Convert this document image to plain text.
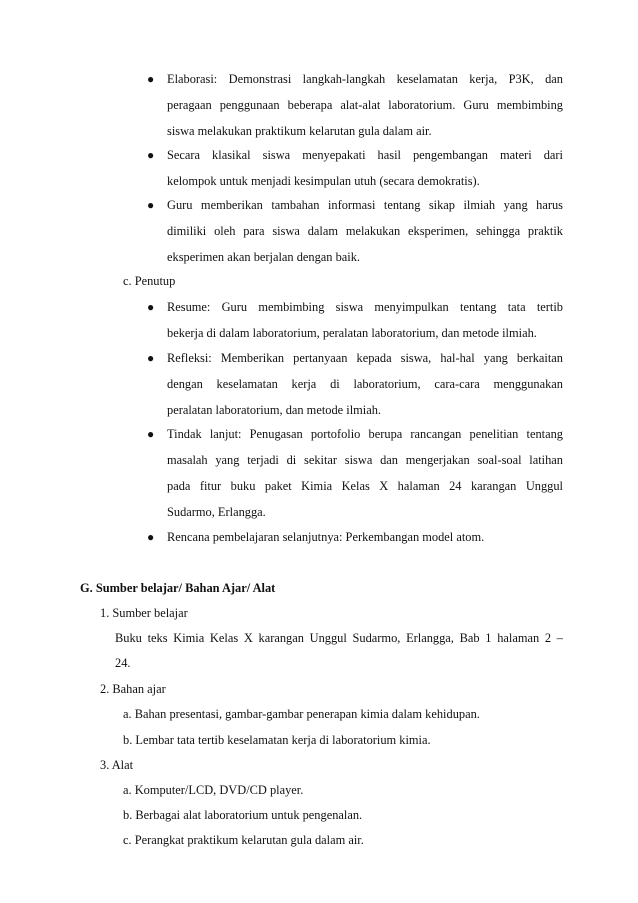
● Elaborasi: Demonstrasi langkah-langkah keselamatan kerja, P3K, dan
peragaan penggunaan beberapa alat-alat laboratorium. Guru membimbing
siswa melakukan praktikum kelarutan gula dalam air.
● Secara klasikal siswa menyepakati hasil pengembangan materi dari
kelompok untuk menjadi kesimpulan utuh (secara demokratis).
● Guru memberikan tambahan informasi tentang sikap ilmiah yang harus
dimiliki oleh para siswa dalam melakukan eksperimen, sehingga praktik
eksperimen akan berjalan dengan baik.
c. Penutup
● Resume: Guru membimbing siswa menyimpulkan tentang tata tertib
bekerja di dalam laboratorium, peralatan laboratorium, dan metode ilmiah.
● Refleksi: Memberikan pertanyaan kepada siswa, hal-hal yang berkaitan
dengan keselamatan kerja di laboratorium, cara-cara menggunakan
peralatan laboratorium, dan metode ilmiah.
● Tindak lanjut: Penugasan portofolio berupa rancangan penelitian tentang
masalah yang terjadi di sekitar siswa dan mengerjakan soal-soal latihan
pada fitur buku paket Kimia Kelas X halaman 24 karangan Unggul
Sudarmo, Erlangga.
● Rencana pembelajaran selanjutnya: Perkembangan model atom.
G. Sumber belajar/ Bahan Ajar/ Alat
1. Sumber belajar
Buku teks Kimia Kelas X karangan Unggul Sudarmo, Erlangga, Bab 1 halaman 2 –
24.
2. Bahan ajar
a. Bahan presentasi, gambar-gambar penerapan kimia dalam kehidupan.
b. Lembar tata tertib keselamatan kerja di laboratorium kimia.
3. Alat
a. Komputer/LCD, DVD/CD player.
b. Berbagai alat laboratorium untuk pengenalan.
c. Perangkat praktikum kelarutan gula dalam air.
